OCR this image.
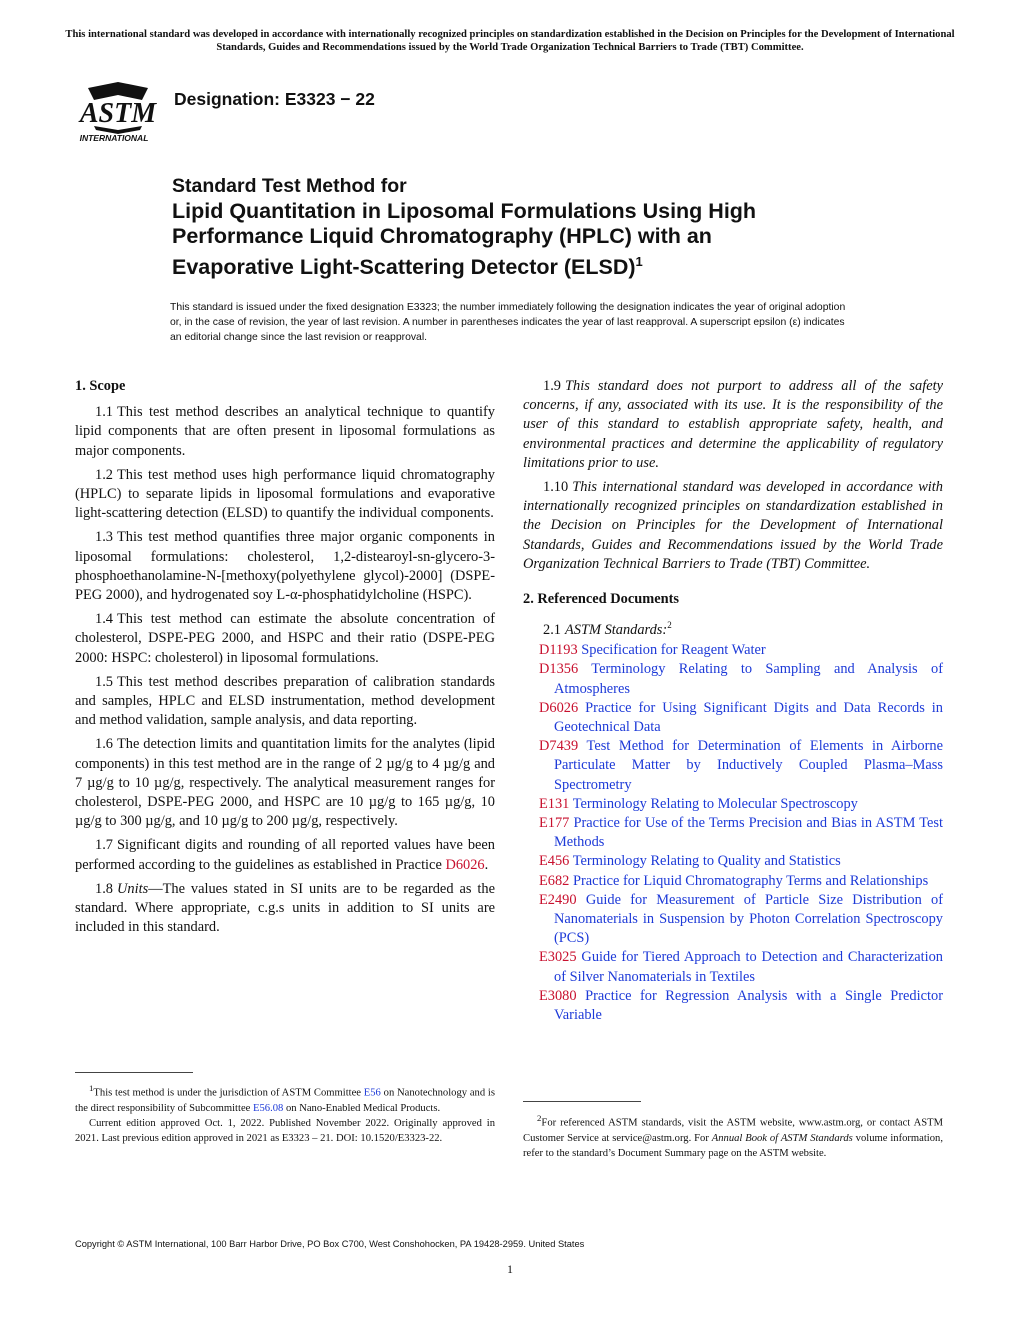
This international standard was developed in accordance with internationally recognized principles on standardization established in the Decision on Principles for the Development of International Standards, Guides and Recommendations issued by the World Trade Organization Technical Barriers to Trade (TBT) Committee.
ASTM
INTERNATIONAL
Designation: E3323 − 22
Standard Test Method for
Lipid Quantitation in Liposomal Formulations Using High
Performance Liquid Chromatography (HPLC) with an
Evaporative Light-Scattering Detector (ELSD)$^1$
This standard is issued under the fixed designation E3323; the number immediately following the designation indicates the year of original adoption or, in the case of revision, the year of last revision. A number in parentheses indicates the year of last reapproval. A superscript epsilon (ε) indicates an editorial change since the last revision or reapproval.
1. Scope

1.1 This test method describes an analytical technique to quantify lipid components that are often present in liposomal formulations as major components.

1.2 This test method uses high performance liquid chromatography (HPLC) to separate lipids in liposomal formulations and evaporative light-scattering detection (ELSD) to quantify the individual components.

1.3 This test method quantifies three major organic components in liposomal formulations: cholesterol, 1,2-distearoyl-sn-glycero-3-phosphoethanolamine-N-[methoxy(polyethylene glycol)-2000] (DSPE-PEG 2000), and hydrogenated soy L-α-phosphatidylcholine (HSPC).

1.4 This test method can estimate the absolute concentration of cholesterol, DSPE-PEG 2000, and HSPC and their ratio (DSPE-PEG 2000: HSPC: cholesterol) in liposomal formulations.

1.5 This test method describes preparation of calibration standards and samples, HPLC and ELSD instrumentation, method development and method validation, sample analysis, and data reporting.

1.6 The detection limits and quantitation limits for the analytes (lipid components) in this test method are in the range of 2 µg/g to 4 µg/g and 7 µg/g to 10 µg/g, respectively. The analytical measurement ranges for cholesterol, DSPE-PEG 2000, and HSPC are 10 µg/g to 165 µg/g, 10 µg/g to 300 µg/g, and 10 µg/g to 200 µg/g, respectively.

1.7 Significant digits and rounding of all reported values have been performed according to the guidelines as established in Practice D6026.

1.8 Units—The values stated in SI units are to be regarded as the standard. Where appropriate, c.g.s units in addition to SI units are included in this standard.

1.9 This standard does not purport to address all of the safety concerns, if any, associated with its use. It is the responsibility of the user of this standard to establish appropriate safety, health, and environmental practices and determine the applicability of regulatory limitations prior to use.

1.10 This international standard was developed in accordance with internationally recognized principles on standardization established in the Decision on Principles for the Development of International Standards, Guides and Recommendations issued by the World Trade Organization Technical Barriers to Trade (TBT) Committee.

2. Referenced Documents

2.1 ASTM Standards:$^2$

D1193 Specification for Reagent Water
D1356 Terminology Relating to Sampling and Analysis of Atmospheres
D6026 Practice for Using Significant Digits and Data Records in Geotechnical Data
D7439 Test Method for Determination of Elements in Airborne Particulate Matter by Inductively Coupled Plasma–Mass Spectrometry
E131 Terminology Relating to Molecular Spectroscopy
E177 Practice for Use of the Terms Precision and Bias in ASTM Test Methods
E456 Terminology Relating to Quality and Statistics
E682 Practice for Liquid Chromatography Terms and Relationships
E2490 Guide for Measurement of Particle Size Distribution of Nanomaterials in Suspension by Photon Correlation Spectroscopy (PCS)
E3025 Guide for Tiered Approach to Detection and Characterization of Silver Nanomaterials in Textiles
E3080 Practice for Regression Analysis with a Single Predictor Variable

$^1$This test method is under the jurisdiction of ASTM Committee E56 on Nanotechnology and is the direct responsibility of Subcommittee E56.08 on Nano-Enabled Medical Products.

Current edition approved Oct. 1, 2022. Published November 2022. Originally approved in 2021. Last previous edition approved in 2021 as E3323 – 21. DOI: 10.1520/E3323-22.

$^2$For referenced ASTM standards, visit the ASTM website, www.astm.org, or contact ASTM Customer Service at service@astm.org. For Annual Book of ASTM Standards volume information, refer to the standard’s Document Summary page on the ASTM website.

Copyright © ASTM International, 100 Barr Harbor Drive, PO Box C700, West Conshohocken, PA 19428-2959. United States
1
